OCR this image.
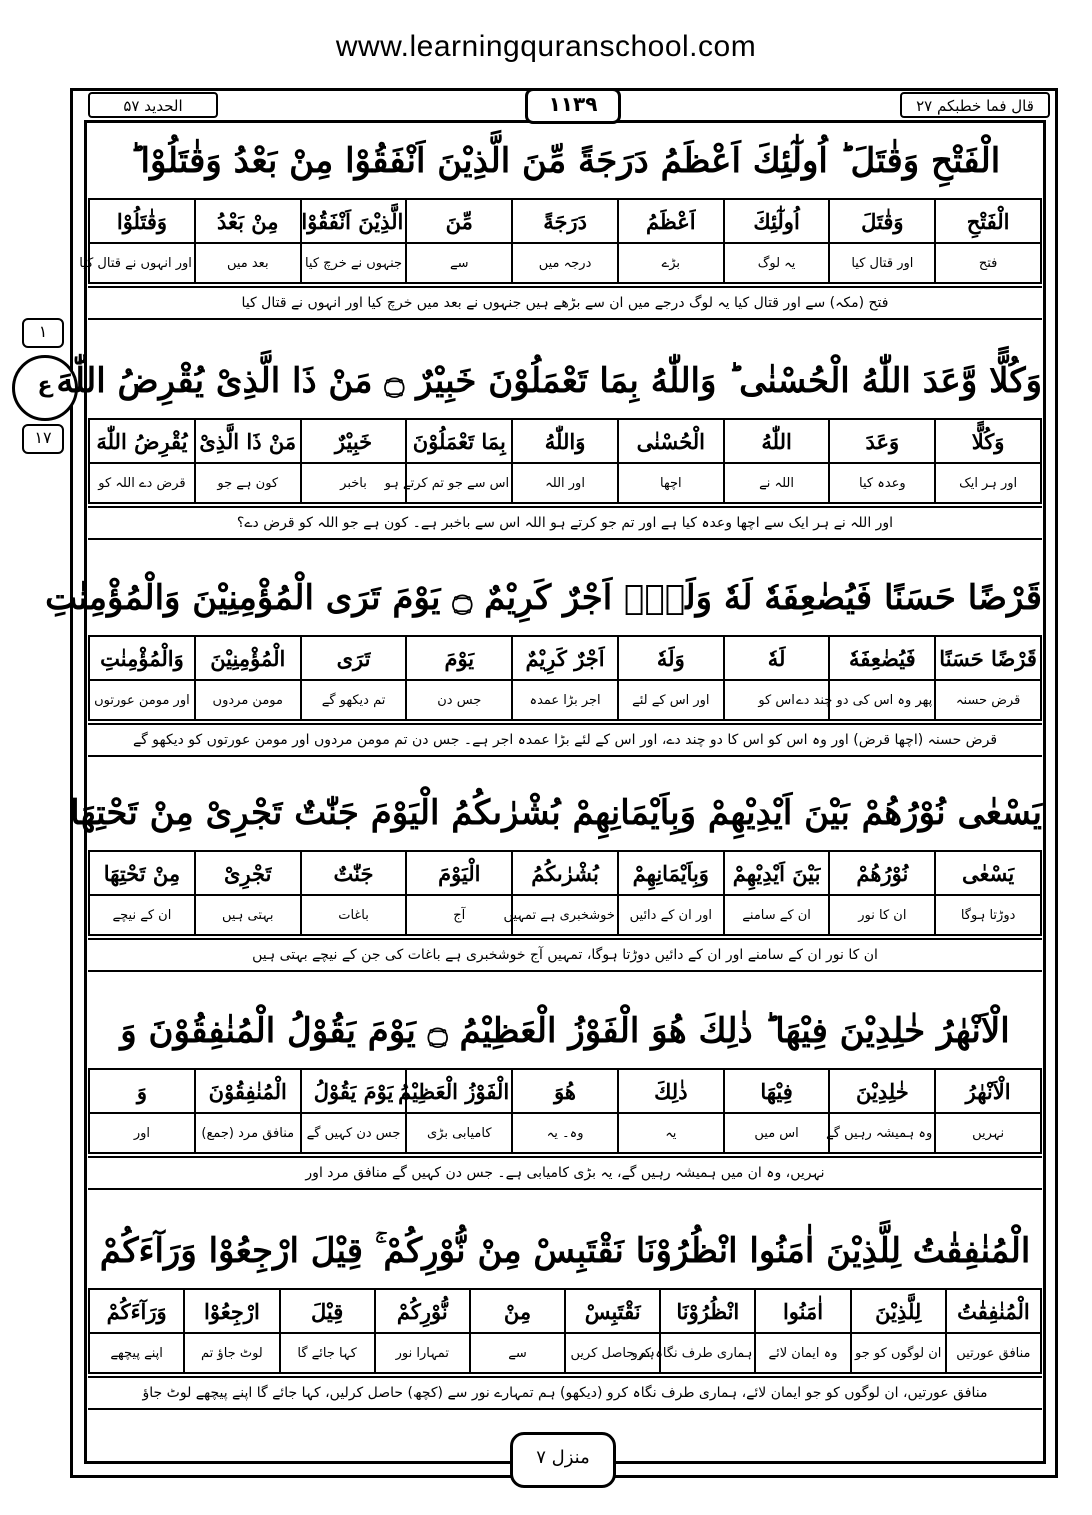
www.learningquranschool.com
الحدید ۵۷	۱۱۳۹	قال فما خطبکم ۲۷
۱
ع
۱۷
الْفَتْحِ وَقٰتَلَ ؕ اُولٰٓئِكَ اَعْظَمُ دَرَجَةً مِّنَ الَّذِيْنَ اَنْفَقُوْا مِنْ بَعْدُ وَقٰتَلُوْا ؕ
الْفَتْحِ	وَقٰتَلَ	اُولٰٓئِكَ	اَعْظَمُ	دَرَجَةً	مِّنَ	الَّذِيْنَ اَنْفَقُوْا	مِنْ بَعْدُ	وَقٰتَلُوْا
فتح	اور قتال کیا	یہ لوگ	بڑے	درجہ میں	سے	جنہوں نے خرچ کیا	بعد میں	اور انہوں نے قتال کیا
فتح (مکہ) سے اور قتال کیا یہ لوگ درجے میں ان سے بڑھے ہیں جنہوں نے بعد میں خرچ کیا اور انہوں نے قتال کیا
وَكُلًّا وَّعَدَ اللّٰهُ الْحُسْنٰى ؕ وَاللّٰهُ بِمَا تَعْمَلُوْنَ خَبِيْرٌ ۝ مَنْ ذَا الَّذِىْ يُقْرِضُ اللّٰهَ
وَكُلًّا	وَعَدَ	اللّٰهُ	الْحُسْنٰى	وَاللّٰهُ	بِمَا تَعْمَلُوْنَ	خَبِيْرٌ	مَنْ ذَا الَّذِىْ	يُقْرِضُ اللّٰهَ
اور ہر ایک	وعدہ کیا	اللہ نے	اچھا	اور اللہ	اس سے جو تم کرتے ہو	باخبر	کون ہے جو	قرض دے اللہ کو
اور اللہ نے ہر ایک سے اچھا وعدہ کیا ہے اور تم جو کرتے ہو اللہ اس سے باخبر ہے۔ کون ہے جو اللہ کو قرض دے؟
قَرْضًا حَسَنًا فَيُضٰعِفَهٗ لَهٗ وَلَهٗۤ اَجْرٌ كَرِيْمٌ ۝ يَوْمَ تَرَى الْمُؤْمِنِيْنَ وَالْمُؤْمِنٰتِ
قَرْضًا حَسَنًا	فَيُضٰعِفَهٗ	لَهٗ	وَلَهٗ	اَجْرٌ كَرِيْمٌ	يَوْمَ	تَرَى	الْمُؤْمِنِيْنَ	وَالْمُؤْمِنٰتِ
قرض حسنہ	پھر وہ اس کی دو چند دے	اس کو	اور اس کے لئے	اجر بڑا عمدہ	جس دن	تم دیکھو گے	مومن مردوں	اور مومن عورتوں
قرض حسنہ (اچھا قرض) اور وہ اس کو اس کا دو چند دے، اور اس کے لئے بڑا عمدہ اجر ہے۔ جس دن تم مومن مردوں اور مومن عورتوں کو دیکھو گے
يَسْعٰى نُوْرُهُمْ بَيْنَ اَيْدِيْهِمْ وَبِاَيْمَانِهِمْ بُشْرٰىكُمُ الْيَوْمَ جَنّٰتٌ تَجْرِىْ مِنْ تَحْتِهَا
يَسْعٰى	نُوْرُهُمْ	بَيْنَ اَيْدِيْهِمْ	وَبِاَيْمَانِهِمْ	بُشْرٰىكُمُ	الْيَوْمَ	جَنّٰتٌ	تَجْرِىْ	مِنْ تَحْتِهَا
دوڑتا ہوگا	ان کا نور	ان کے سامنے	اور ان کے دائیں	خوشخبری ہے تمہیں	آج	باغات	بہتی ہیں	ان کے نیچے
ان کا نور ان کے سامنے اور ان کے دائیں دوڑتا ہوگا، تمہیں آج خوشخبری ہے باغات کی جن کے نیچے بہتی ہیں
الْاَنْهٰرُ خٰلِدِيْنَ فِيْهَا ؕ ذٰلِكَ هُوَ الْفَوْزُ الْعَظِيْمُ ۝ يَوْمَ يَقُوْلُ الْمُنٰفِقُوْنَ وَ
الْاَنْهٰرُ	خٰلِدِيْنَ	فِيْهَا	ذٰلِكَ	هُوَ	الْفَوْزُ الْعَظِيْمُ	يَوْمَ يَقُوْلُ	الْمُنٰفِقُوْنَ	وَ
نہریں	وہ ہمیشہ رہیں گے	اس میں	یہ	وہ۔ یہ	کامیابی بڑی	جس دن کہیں گے	منافق مرد (جمع)	اور
نہریں، وہ ان میں ہمیشہ رہیں گے، یہ بڑی کامیابی ہے۔ جس دن کہیں گے منافق مرد اور
الْمُنٰفِقٰتُ لِلَّذِيْنَ اٰمَنُوا انْظُرُوْنَا نَقْتَبِسْ مِنْ نُّوْرِكُمْ ۚ قِيْلَ ارْجِعُوْا وَرَآءَكُمْ
الْمُنٰفِقٰتُ	لِلَّذِيْنَ	اٰمَنُوا	انْظُرُوْنَا	نَقْتَبِسْ	مِنْ	نُّوْرِكُمْ	قِيْلَ	ارْجِعُوْا	وَرَآءَكُمْ
منافق عورتیں	ان لوگوں کو جو	وہ ایمان لائے	ہماری طرف نگاہ کرو	ہم حاصل کریں	سے	تمہارا نور	کہا جائے گا	لوٹ جاؤ تم	اپنے پیچھے
منافق عورتیں، ان لوگوں کو جو ایمان لائے، ہماری طرف نگاہ کرو (دیکھو) ہم تمہارے نور سے (کچھ) حاصل کرلیں، کہا جائے گا اپنے پیچھے لوٹ جاؤ
منزل ۷
